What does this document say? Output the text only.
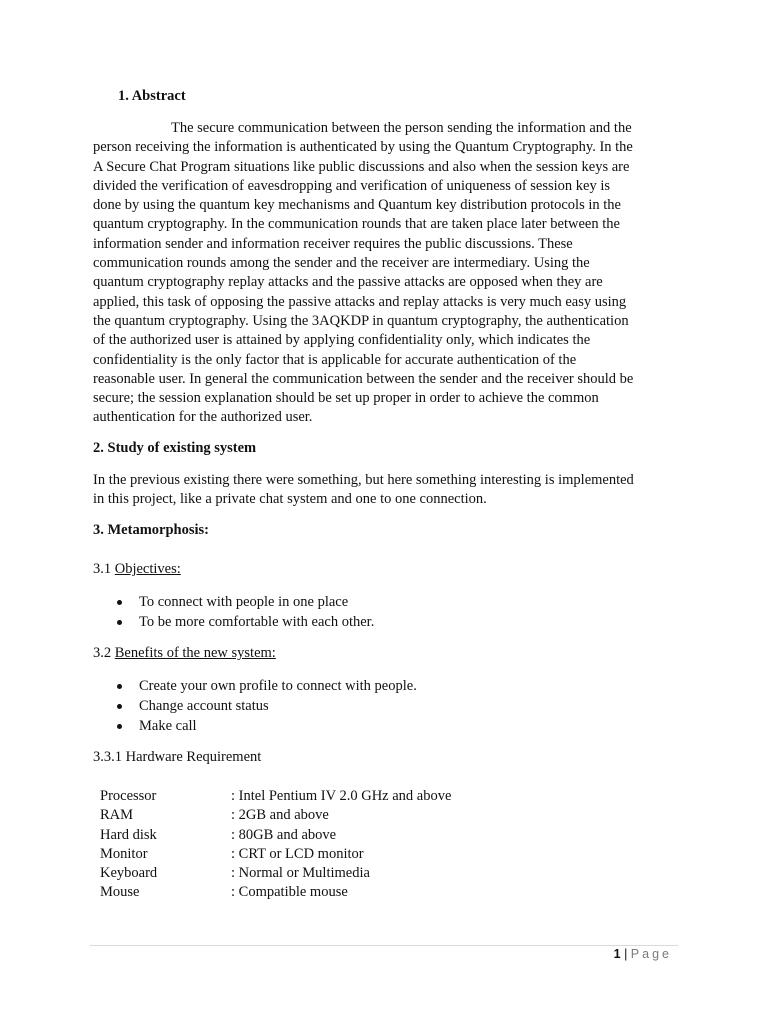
1. Abstract
The secure communication between the person sending the information and the
person receiving the information is authenticated by using the Quantum Cryptography. In the
A Secure Chat Program situations like public discussions and also when the session keys are
divided the verification of eavesdropping and verification of uniqueness of session key is
done by using the quantum key mechanisms and Quantum key distribution protocols in the
quantum cryptography. In the communication rounds that are taken place later between the
information sender and information receiver requires the public discussions. These
communication rounds among the sender and the receiver are intermediary. Using the
quantum cryptography replay attacks and the passive attacks are opposed when they are
applied, this task of opposing the passive attacks and replay attacks is very much easy using
the quantum cryptography. Using the 3AQKDP in quantum cryptography, the authentication
of the authorized user is attained by applying confidentiality only, which indicates the
confidentiality is the only factor that is applicable for accurate authentication of the
reasonable user. In general the communication between the sender and the receiver should be
secure; the session explanation should be set up proper in order to achieve the common
authentication for the authorized user.
2. Study of existing system
In the previous existing there were something, but here something interesting is implemented
in this project, like a private chat system and one to one connection.
3. Metamorphosis:
3.1 Objectives:
To connect with people in one place
To be more comfortable with each other.
3.2 Benefits of the new system:
Create your own profile to connect with people.
Change account status
Make call
3.3.1 Hardware Requirement
Processor	: Intel Pentium IV 2.0 GHz and above
RAM	: 2GB and above
Hard disk	: 80GB and above
Monitor	: CRT or LCD monitor
Keyboard	: Normal or Multimedia
Mouse	: Compatible mouse
1 | Page
